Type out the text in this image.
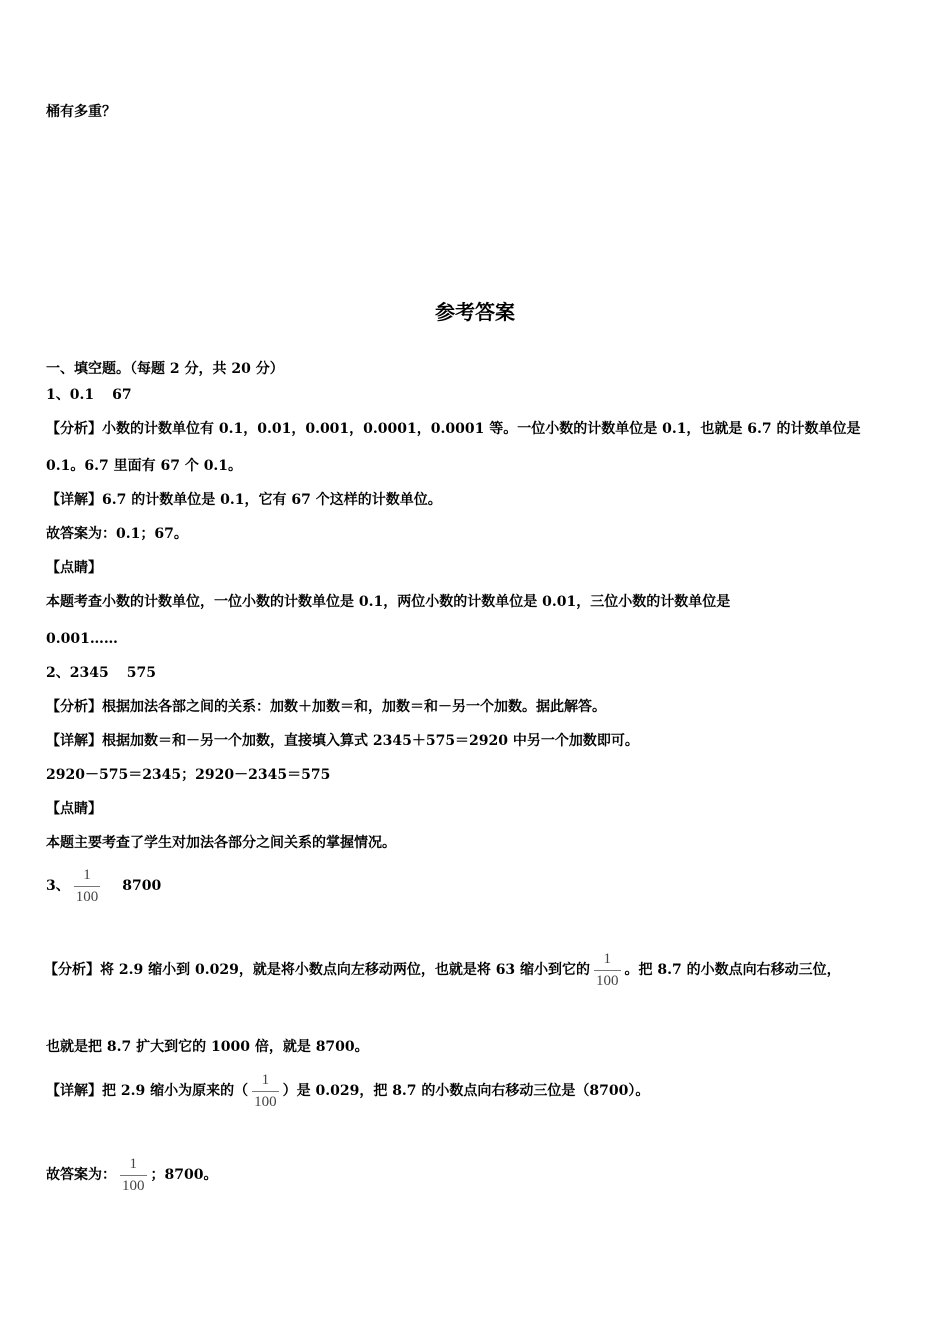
桶有多重？
参考答案
一、填空题。（每题 2 分，共 20 分）
1、0.1 67
【分析】小数的计数单位有 0.1，0.01，0.001，0.0001，0.0001 等。一位小数的计数单位是 0.1，也就是 6.7 的计数单位是
0.1。6.7 里面有 67 个 0.1。
【详解】6.7 的计数单位是 0.1，它有 67 个这样的计数单位。
故答案为：0.1；67。
【点睛】
本题考查小数的计数单位，一位小数的计数单位是 0.1，两位小数的计数单位是 0.01，三位小数的计数单位是
0.001……
2、2345 575
【分析】根据加法各部之间的关系：加数＋加数＝和，加数＝和－另一个加数。据此解答。
【详解】根据加数＝和－另一个加数，直接填入算式 2345＋575＝2920 中另一个加数即可。
2920－575＝2345；2920－2345＝575
【点睛】
本题主要考查了学生对加法各部分之间关系的掌握情况。
3、 $\frac{1}{100} 8700$
【分析】将 2.9 缩小到 0.029，就是将小数点向左移动两位，也就是将 63 缩小到它的 $\frac{1}{100}$ 。把 8.7 的小数点向右移动三位，
也就是把 8.7 扩大到它的 1000 倍，就是 8700。
【详解】把 2.9 缩小为原来的（ $\frac{1}{100}$ ）是 0.029，把 8.7 的小数点向右移动三位是（8700）。
故答案为： $\frac{1}{100}$ ；8700。
